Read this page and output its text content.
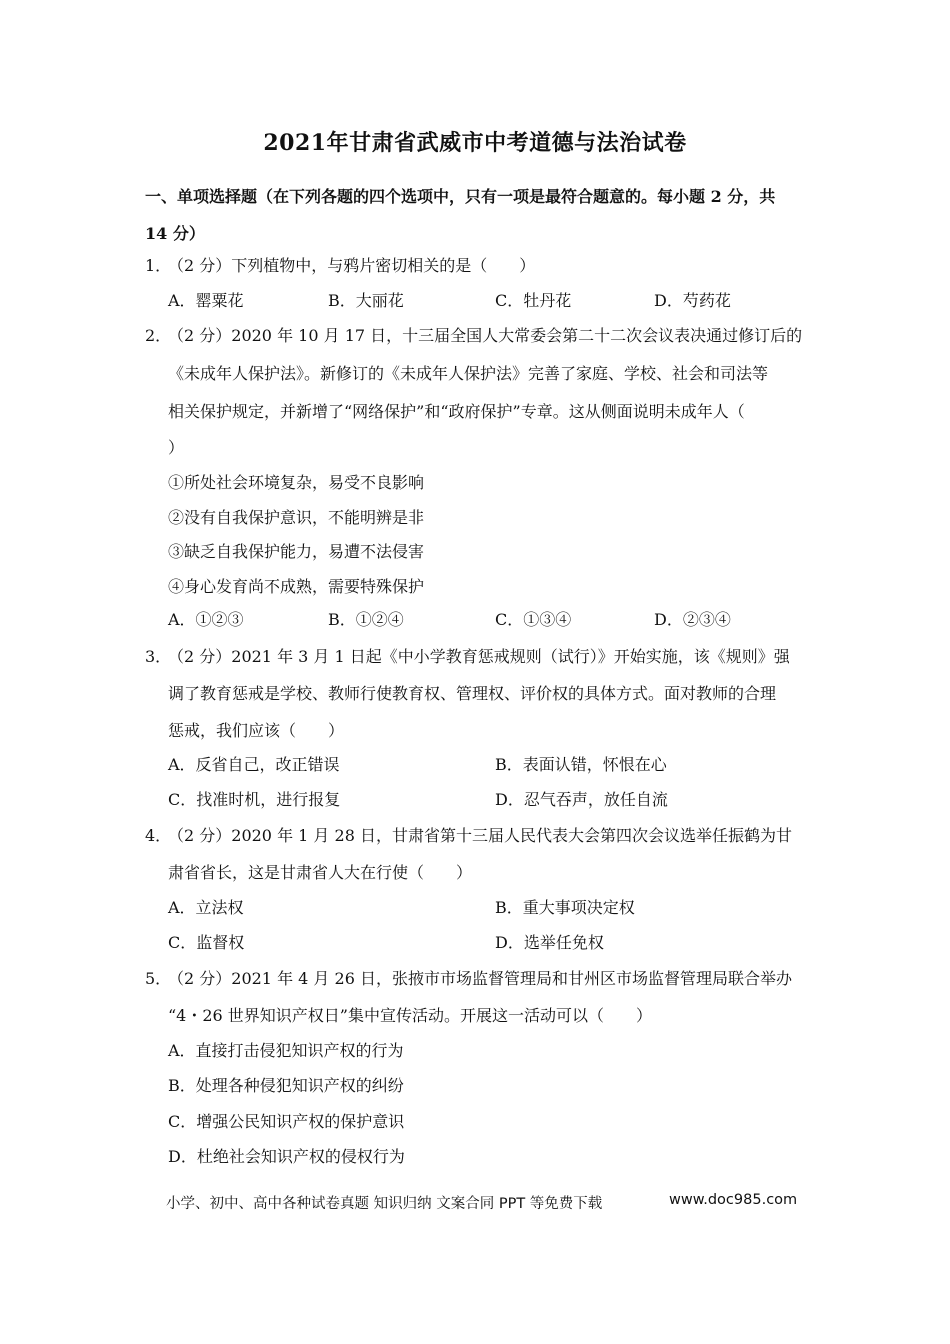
2021年甘肃省武威市中考道德与法治试卷
一、单项选择题（在下列各题的四个选项中，只有一项是最符合题意的。每小题 2 分，共
14 分）
1．
（2 分）下列植物中，与鸦片密切相关的是（　　）
A．罂粟花	B．大丽花	C．牡丹花	D．芍药花
2．
（2 分）2020 年 10 月 17 日，十三届全国人大常委会第二十二次会议表决通过修订后的
《未成年人保护法》。新修订的《未成年人保护法》完善了家庭、学校、社会和司法等
相关保护规定，并新增了“网络保护”和“政府保护”专章。这从侧面说明未成年人（
）
①所处社会环境复杂，易受不良影响
②没有自我保护意识，不能明辨是非
③缺乏自我保护能力，易遭不法侵害
④身心发育尚不成熟，需要特殊保护
A．①②③	B．①②④	C．①③④	D．②③④
3．
（2 分）2021 年 3 月 1 日起《中小学教育惩戒规则（试行）》开始实施，该《规则》强
调了教育惩戒是学校、教师行使教育权、管理权、评价权的具体方式。面对教师的合理
惩戒，我们应该（　　）
A．反省自己，改正错误	B．表面认错，怀恨在心
C．找准时机，进行报复	D．忍气吞声，放任自流
4．
（2 分）2020 年 1 月 28 日，甘肃省第十三届人民代表大会第四次会议选举任振鹤为甘
肃省省长，这是甘肃省人大在行使（　　）
A．立法权	B．重大事项决定权
C．监督权	D．选举任免权
5．
（2 分）2021 年 4 月 26 日，张掖市市场监督管理局和甘州区市场监督管理局联合举办
“4・26 世界知识产权日”集中宣传活动。开展这一活动可以（　　）
A．直接打击侵犯知识产权的行为
B．处理各种侵犯知识产权的纠纷
C．增强公民知识产权的保护意识
D．杜绝社会知识产权的侵权行为
小学、初中、高中各种试卷真题 知识归纳 文案合同 PPT 等免费下载	www.doc985.com
